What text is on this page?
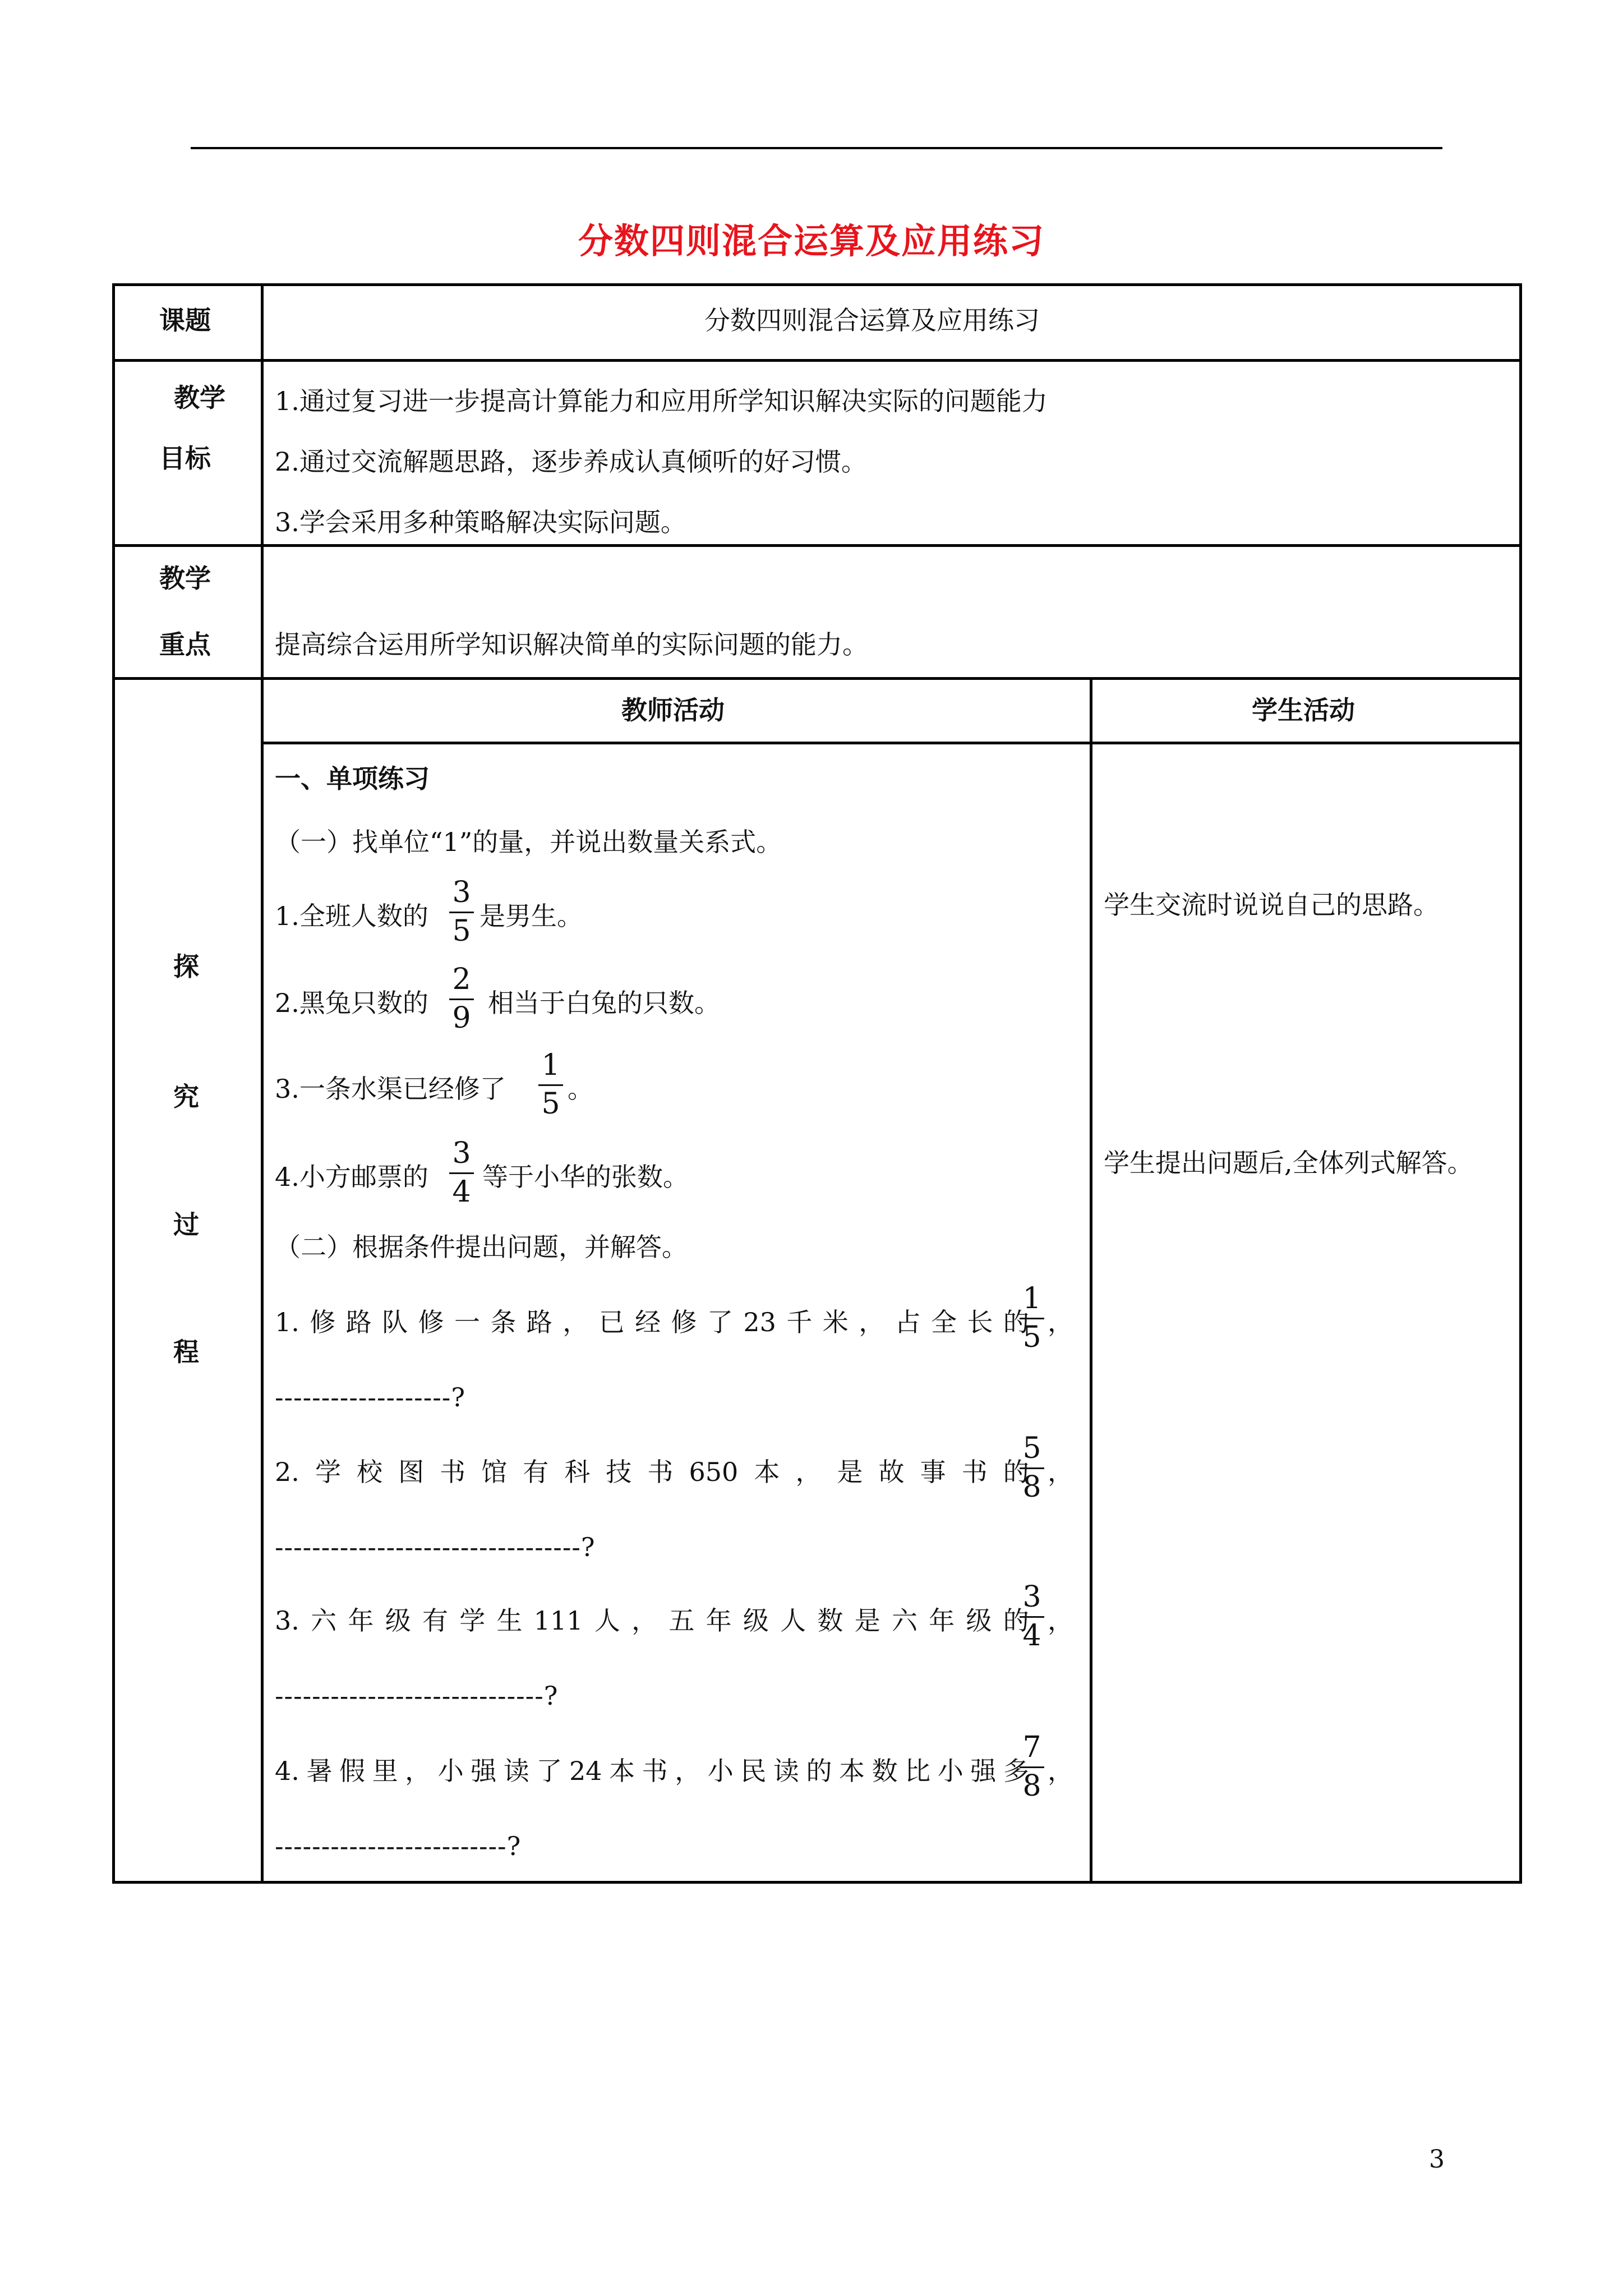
分数四则混合运算及应用练习
课题	分数四则混合运算及应用练习
教学
目标
1.通过复习进一步提高计算能力和应用所学知识解决实际的问题能力
2.通过交流解题思路，逐步养成认真倾听的好习惯。
3.学会采用多种策略解决实际问题。
教学
重点 提高综合运用所学知识解决简单的实际问题的能力。
探
究
过
程
教师活动	学生活动
一、单项练习
（一）找单位“1”的量，并说出数量关系式。
1.全班人数的
3
5 是男生。
2.黑兔只数的
2
9 相当于白兔的只数。
3.一条水渠已经修了
1
5 。
4.小方邮票的
3
4 等于小华的张数。
（二）根据条件提出问题，并解答。
1. 修 路 队 修 一 条 路 ， 已 经 修 了 23 千 米 ， 占 全 长 的
1
5 ，
-------------------?
2. 学 校 图 书 馆 有 科 技 书 650 本 ， 是 故 事 书 的
5
8 ，
---------------------------------?
3. 六 年 级 有 学 生 111 人 ， 五 年 级 人 数 是 六 年 级 的
3
4 ，
-----------------------------?
4. 暑 假 里 ， 小 强 读 了 24 本 书 ， 小 民 读 的 本 数 比 小 强 多
7
8 ，
-------------------------?
学生交流时说说自己的思路。
学生提出问题后,全体列式解答。
3
